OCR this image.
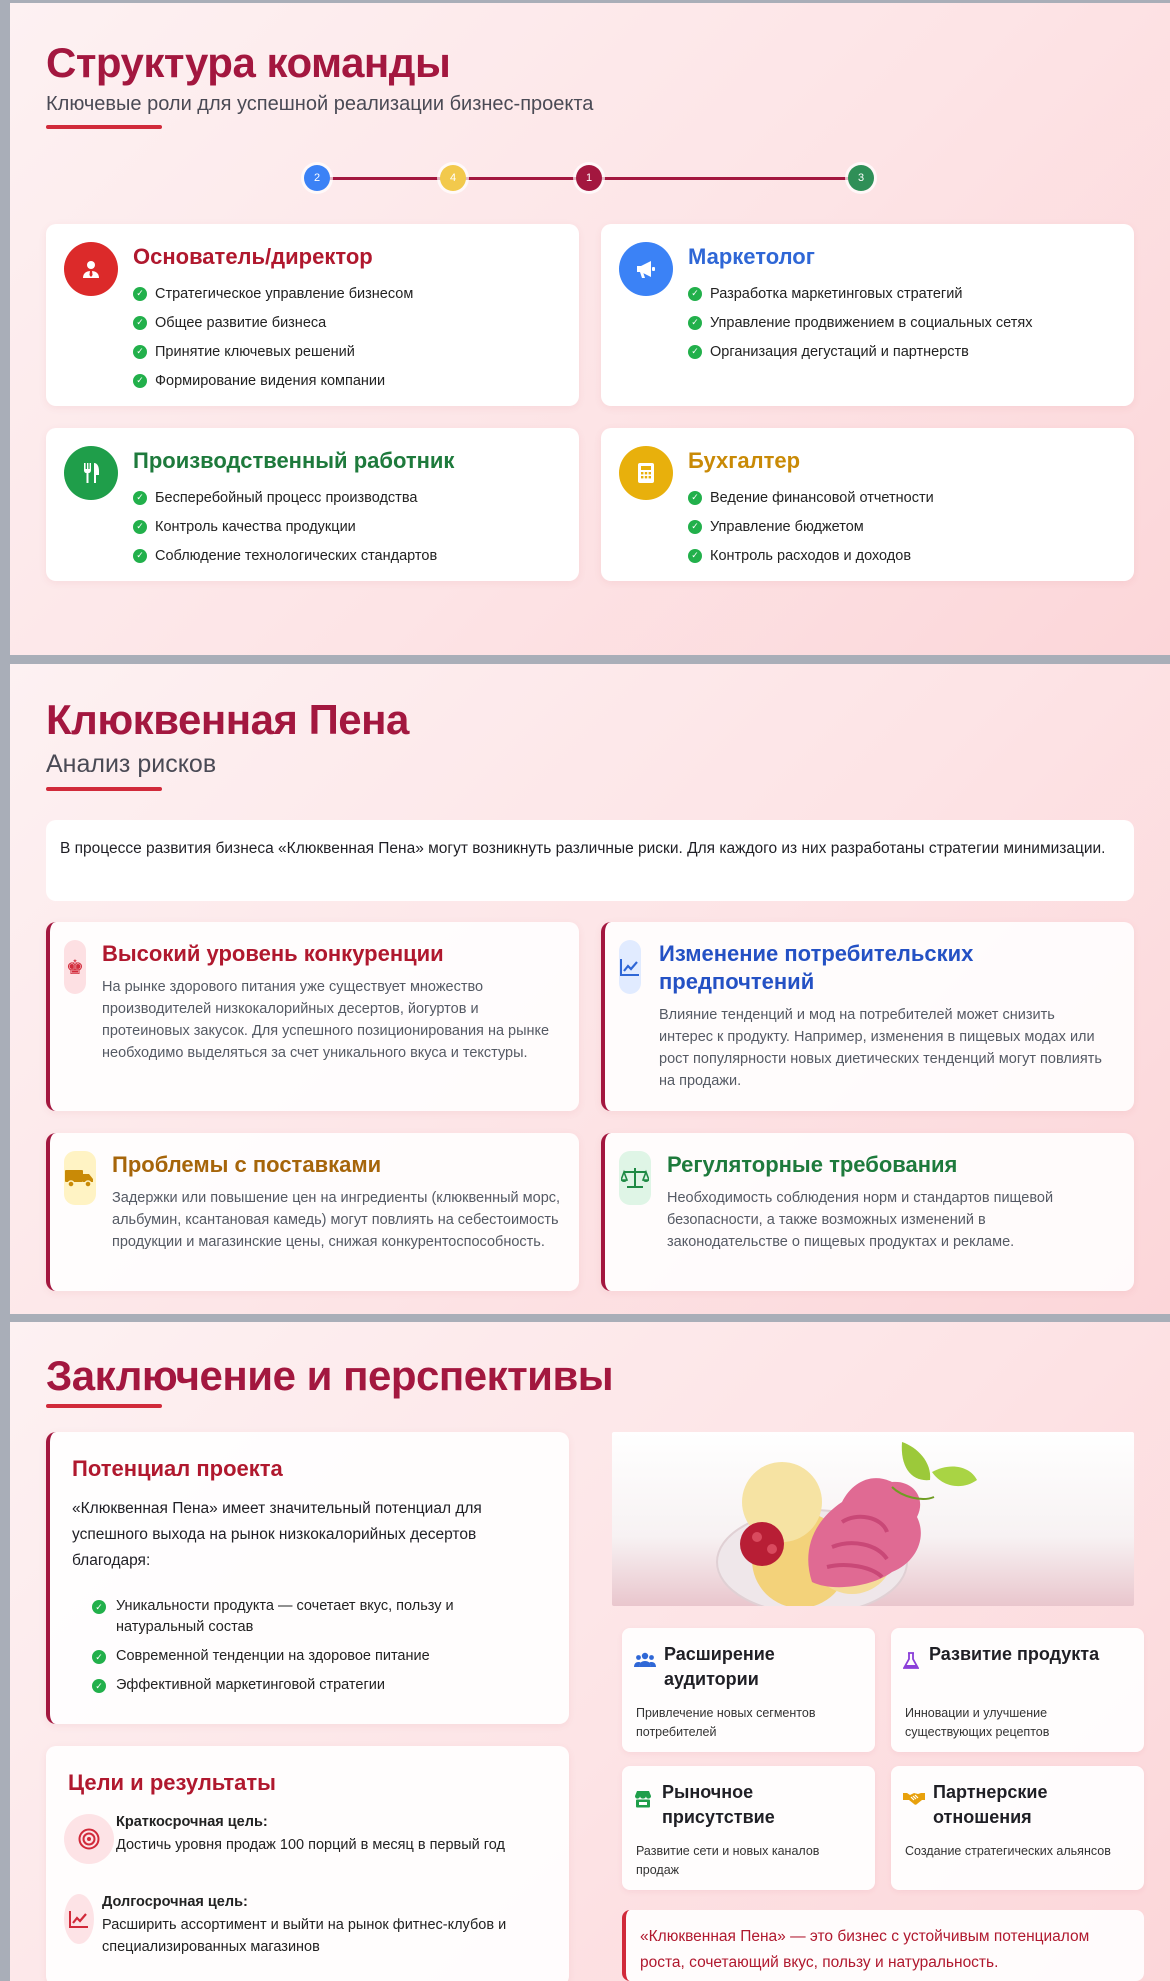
Структура команды
Ключевые роли для успешной реализации бизнес-проекта
2	4	1	3
Основатель/директор
✓ Стратегическое управление бизнесом
✓ Общее развитие бизнеса
✓ Принятие ключевых решений
✓ Формирование видения компании
Маркетолог
✓ Разработка маркетинговых стратегий
✓ Управление продвижением в социальных сетях
✓ Организация дегустаций и партнерств
Производственный работник
✓ Бесперебойный процесс производства
✓ Контроль качества продукции
✓ Соблюдение технологических стандартов
Бухгалтер
✓ Ведение финансовой отчетности
✓ Управление бюджетом
✓ Контроль расходов и доходов
Клюквенная Пена
Анализ рисков
В процессе развития бизнеса «Клюквенная Пена» могут возникнуть различные риски. Для каждого из них разработаны стратегии минимизации.
♚
Высокий уровень конкуренции
На рынке здорового питания уже существует множество производителей низкокалорийных десертов, йогуртов и протеиновых закусок. Для успешного позиционирования на рынке необходимо выделяться за счет уникального вкуса и текстуры.
Изменение потребительских предпочтений
Влияние тенденций и мод на потребителей может снизить интерес к продукту. Например, изменения в пищевых модах или рост популярности новых диетических тенденций могут повлиять на продажи.
Проблемы с поставками
Задержки или повышение цен на ингредиенты (клюквенный морс, альбумин, ксантановая камедь) могут повлиять на себестоимость продукции и магазинские цены, снижая конкурентоспособность.
Регуляторные требования
Необходимость соблюдения норм и стандартов пищевой безопасности, а также возможных изменений в законодательстве о пищевых продуктах и рекламе.
Заключение и перспективы
Потенциал проекта
«Клюквенная Пена» имеет значительный потенциал для успешного выхода на рынок низкокалорийных десертов благодаря:
✓ Уникальности продукта — сочетает вкус, пользу и натуральный состав
✓ Современной тенденции на здоровое питание
✓ Эффективной маркетинговой стратегии
Цели и результаты
Краткосрочная цель:
Достичь уровня продаж 100 порций в месяц в первый год
Долгосрочная цель:
Расширить ассортимент и выйти на рынок фитнес-клубов и специализированных магазинов
Расширение аудитории
Привлечение новых сегментов потребителей
Развитие продукта
Инновации и улучшение существующих рецептов
Рыночное присутствие
Развитие сети и новых каналов продаж
Партнерские отношения
Создание стратегических альянсов
«Клюквенная Пена» — это бизнес с устойчивым потенциалом роста, сочетающий вкус, пользу и натуральность.
